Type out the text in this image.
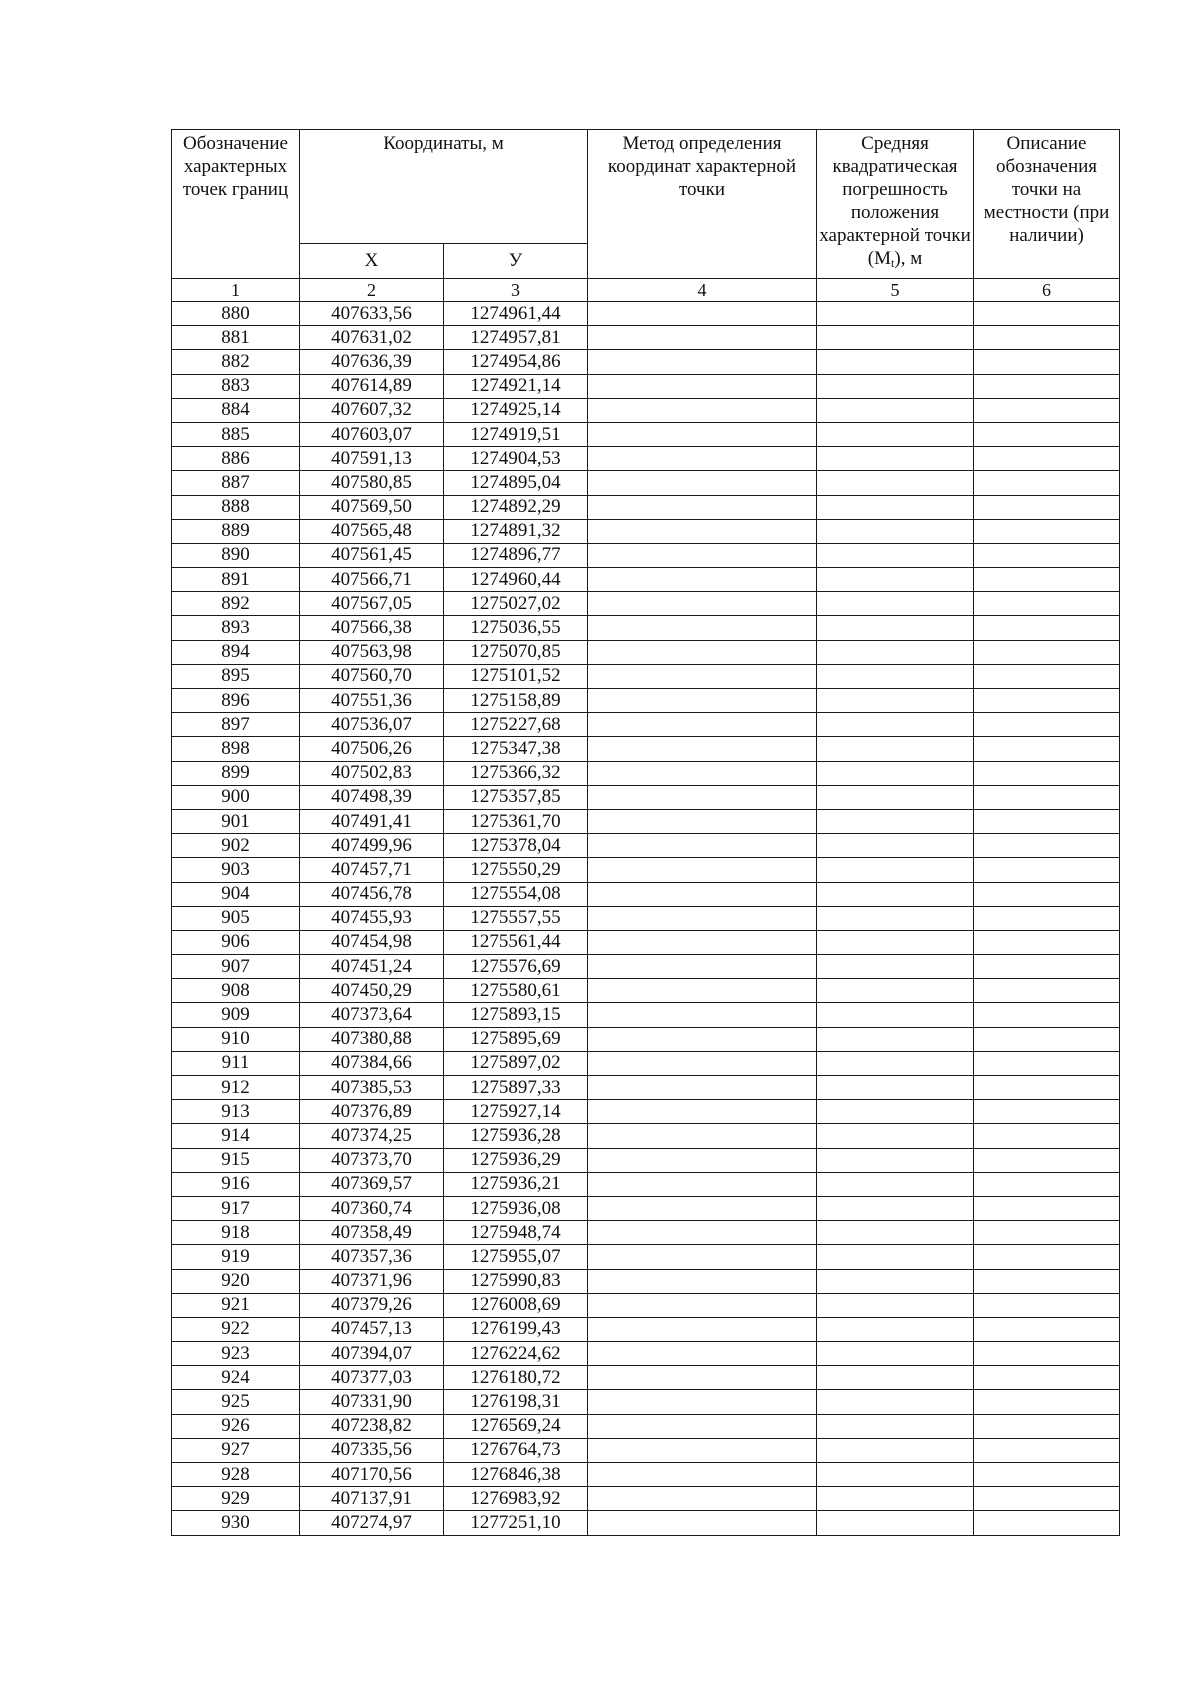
Обозначение характерных точек границ	Координаты, м		Метод определения координат характерной точки	Средняя квадратическая погрешность положения характерной точки $(М_t)$, м	Описание обозначения точки на местности (при наличии)
	Х	У			
1	2	3	4	5	6
880	407633,56	1274961,44			
881	407631,02	1274957,81			
882	407636,39	1274954,86			
883	407614,89	1274921,14			
884	407607,32	1274925,14			
885	407603,07	1274919,51			
886	407591,13	1274904,53			
887	407580,85	1274895,04			
888	407569,50	1274892,29			
889	407565,48	1274891,32			
890	407561,45	1274896,77			
891	407566,71	1274960,44			
892	407567,05	1275027,02			
893	407566,38	1275036,55			
894	407563,98	1275070,85			
895	407560,70	1275101,52			
896	407551,36	1275158,89			
897	407536,07	1275227,68			
898	407506,26	1275347,38			
899	407502,83	1275366,32			
900	407498,39	1275357,85			
901	407491,41	1275361,70			
902	407499,96	1275378,04			
903	407457,71	1275550,29			
904	407456,78	1275554,08			
905	407455,93	1275557,55			
906	407454,98	1275561,44			
907	407451,24	1275576,69			
908	407450,29	1275580,61			
909	407373,64	1275893,15			
910	407380,88	1275895,69			
911	407384,66	1275897,02			
912	407385,53	1275897,33			
913	407376,89	1275927,14			
914	407374,25	1275936,28			
915	407373,70	1275936,29			
916	407369,57	1275936,21			
917	407360,74	1275936,08			
918	407358,49	1275948,74			
919	407357,36	1275955,07			
920	407371,96	1275990,83			
921	407379,26	1276008,69			
922	407457,13	1276199,43			
923	407394,07	1276224,62			
924	407377,03	1276180,72			
925	407331,90	1276198,31			
926	407238,82	1276569,24			
927	407335,56	1276764,73			
928	407170,56	1276846,38			
929	407137,91	1276983,92			
930	407274,97	1277251,10			
